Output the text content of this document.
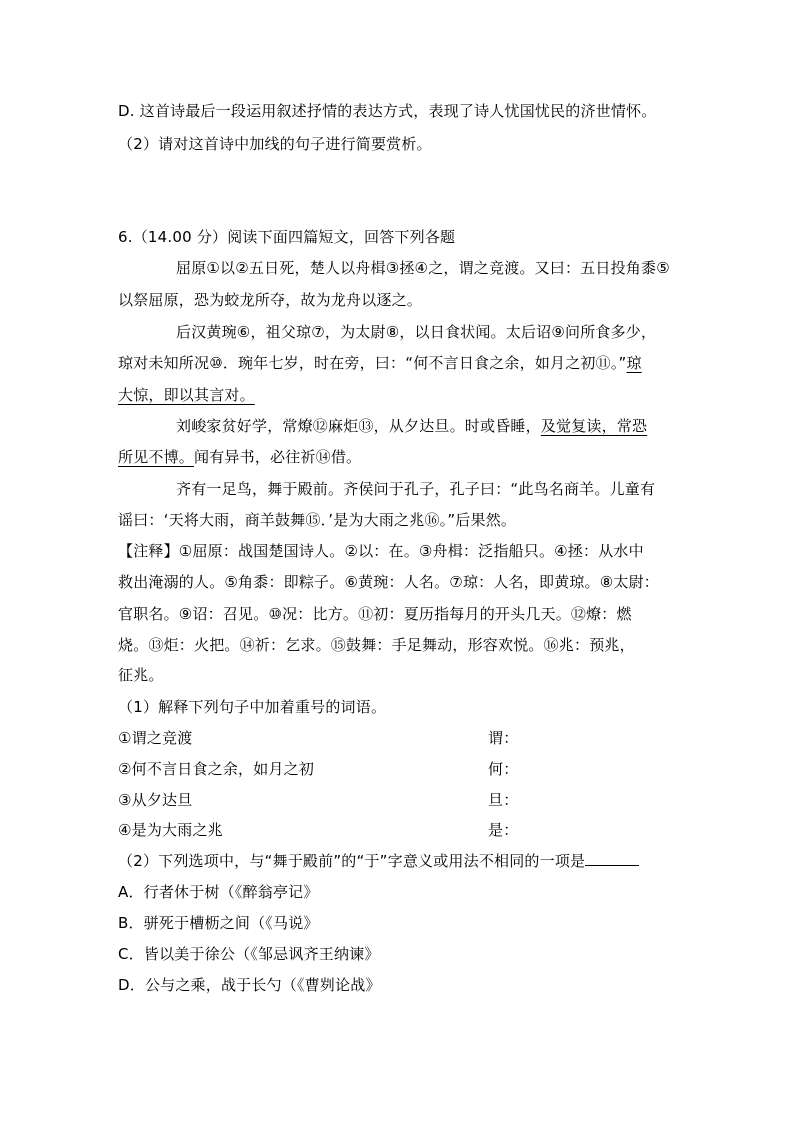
D. 这首诗最后一段运用叙述抒情的表达方式，表现了诗人忧国忧民的济世情怀。
（2）请对这首诗中加线的句子进行简要赏析。
6.（14.00 分）阅读下面四篇短文，回答下列各题
屈原①以②五日死，楚人以舟楫③拯④之，谓之竞渡。又曰：五日投角黍⑤
以祭屈原，恐为蛟龙所夺，故为龙舟以逐之。
后汉黄琬⑥，祖父琼⑦，为太尉⑧，以日食状闻。太后诏⑨问所食多少，
琼对未知所况⑩．琬年七岁，时在旁，曰：“何不言日食之余，如月之初⑪。”琼
大惊，即以其言对。
刘峻家贫好学，常燎⑫麻炬⑬，从夕达旦。时或昏睡，及觉复读，常恐
所见不博。闻有异书，必往祈⑭借。
齐有一足鸟，舞于殿前。齐侯问于孔子，孔子曰：“此鸟名商羊。儿童有
谣曰：‘天将大雨，商羊鼓舞⑮．’是为大雨之兆⑯。”后果然。
【注释】①屈原：战国楚国诗人。②以：在。③舟楫：泛指船只。④拯：从水中
救出淹溺的人。⑤角黍：即粽子。⑥黄琬：人名。⑦琼：人名，即黄琼。⑧太尉：
官职名。⑨诏：召见。⑩况：比方。⑪初：夏历指每月的开头几天。⑫燎：燃
烧。⑬炬：火把。⑭祈：乞求。⑮鼓舞：手足舞动，形容欢悦。⑯兆：预兆，
征兆。
（1）解释下列句子中加着重号的词语。
①谓之竞渡	谓：
②何不言日食之余，如月之初	何：
③从夕达旦	旦：
④是为大雨之兆	是：
（2）下列选项中，与“舞于殿前”的“于”字意义或用法不相同的一项是
A．行者休于树（《醉翁亭记》
B．骈死于槽枥之间（《马说》
C．皆以美于徐公（《邹忌讽齐王纳谏》
D．公与之乘，战于长勺（《曹刿论战》
